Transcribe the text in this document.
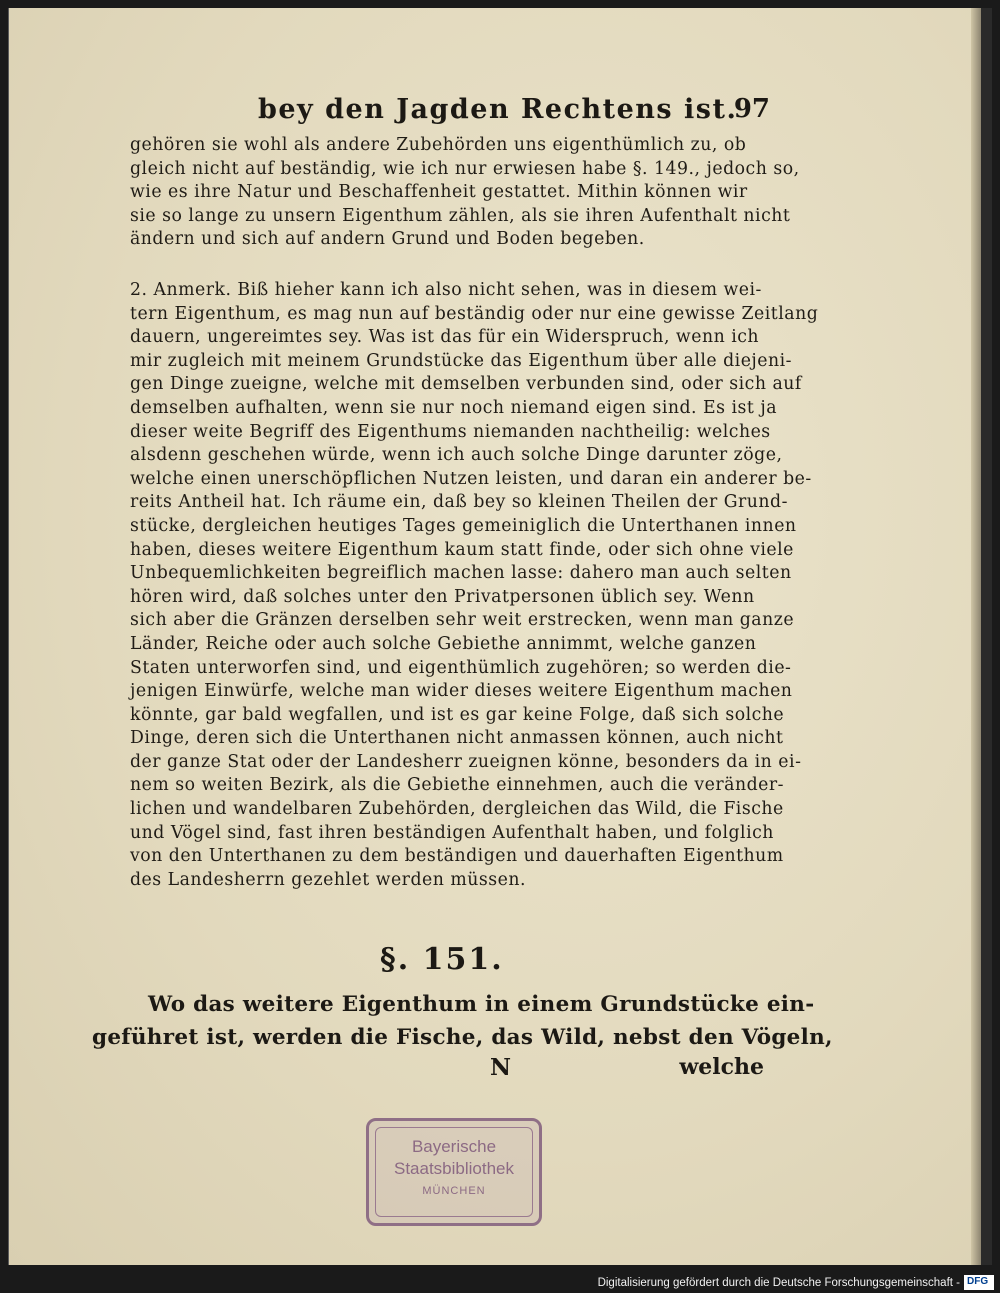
bey den Jagden Rechtens ist.
97
gehören sie wohl als andere Zubehörden uns eigenthümlich zu, ob
gleich nicht auf beständig, wie ich nur erwiesen habe §. 149., jedoch so,
wie es ihre Natur und Beschaffenheit gestattet. Mithin können wir
sie so lange zu unsern Eigenthum zählen, als sie ihren Aufenthalt nicht
ändern und sich auf andern Grund und Boden begeben.
2. Anmerk. Biß hieher kann ich also nicht sehen, was in diesem wei-
tern Eigenthum, es mag nun auf beständig oder nur eine gewisse Zeitlang
dauern, ungereimtes sey. Was ist das für ein Widerspruch, wenn ich
mir zugleich mit meinem Grundstücke das Eigenthum über alle diejeni-
gen Dinge zueigne, welche mit demselben verbunden sind, oder sich auf
demselben aufhalten, wenn sie nur noch niemand eigen sind. Es ist ja
dieser weite Begriff des Eigenthums niemanden nachtheilig: welches
alsdenn geschehen würde, wenn ich auch solche Dinge darunter zöge,
welche einen unerschöpflichen Nutzen leisten, und daran ein anderer be-
reits Antheil hat. Ich räume ein, daß bey so kleinen Theilen der Grund-
stücke, dergleichen heutiges Tages gemeiniglich die Unterthanen innen
haben, dieses weitere Eigenthum kaum statt finde, oder sich ohne viele
Unbequemlichkeiten begreiflich machen lasse: dahero man auch selten
hören wird, daß solches unter den Privatpersonen üblich sey. Wenn
sich aber die Gränzen derselben sehr weit erstrecken, wenn man ganze
Länder, Reiche oder auch solche Gebiethe annimmt, welche ganzen
Staten unterworfen sind, und eigenthümlich zugehören; so werden die-
jenigen Einwürfe, welche man wider dieses weitere Eigenthum machen
könnte, gar bald wegfallen, und ist es gar keine Folge, daß sich solche
Dinge, deren sich die Unterthanen nicht anmassen können, auch nicht
der ganze Stat oder der Landesherr zueignen könne, besonders da in ei-
nem so weiten Bezirk, als die Gebiethe einnehmen, auch die veränder-
lichen und wandelbaren Zubehörden, dergleichen das Wild, die Fische
und Vögel sind, fast ihren beständigen Aufenthalt haben, und folglich
von den Unterthanen zu dem beständigen und dauerhaften Eigenthum
des Landesherrn gezehlet werden müssen.
§. 151.
Wo das weitere Eigenthum in einem Grundstücke ein-
geführet ist, werden die Fische, das Wild, nebst den Vögeln,
N	welche
Bayerische
Staatsbibliothek
MÜNCHEN
Digitalisierung gefördert durch die Deutsche Forschungsgemeinschaft - DFG
